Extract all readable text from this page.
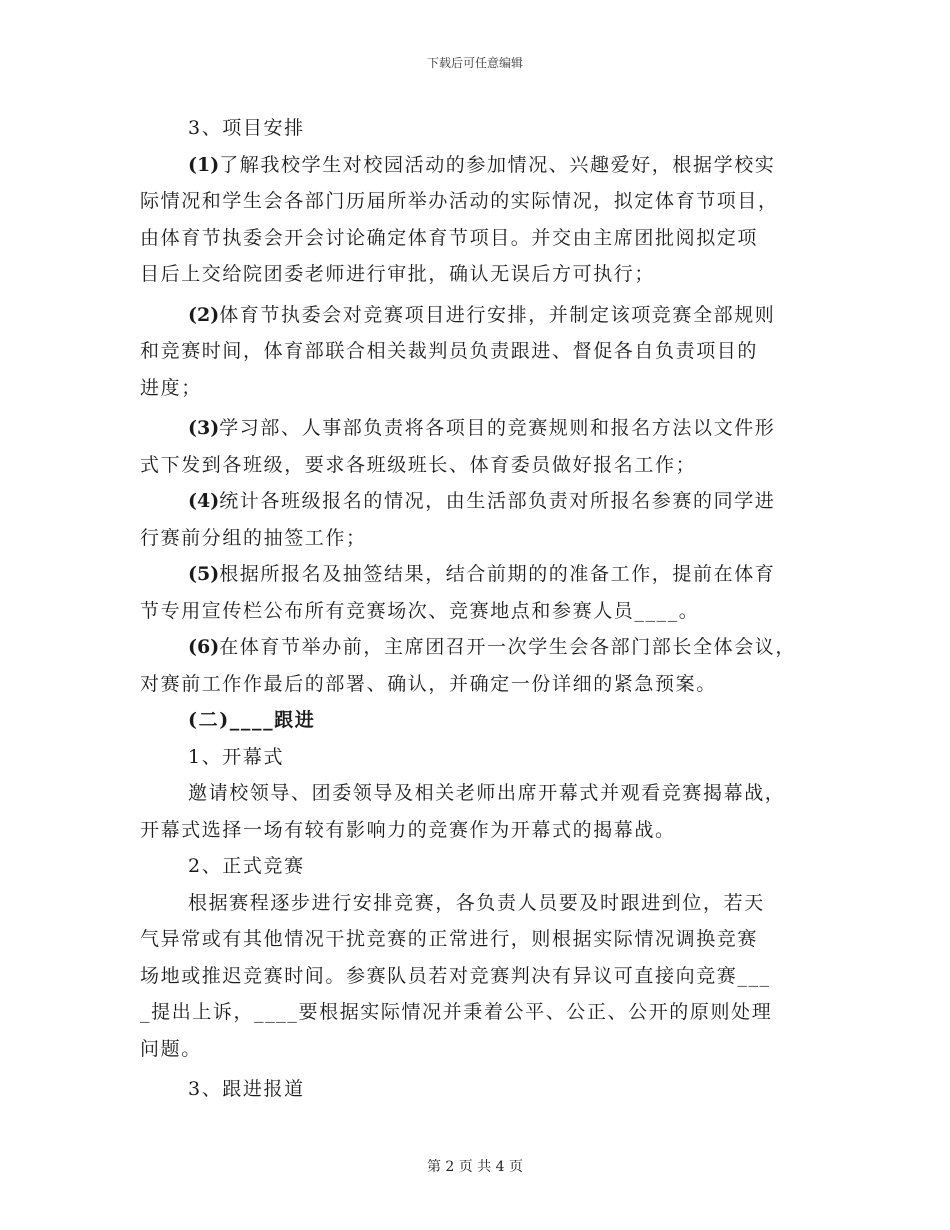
下载后可任意编辑
3、项目安排
(1)了解我校学生对校园活动的参加情况、兴趣爱好，根据学校实
际情况和学生会各部门历届所举办活动的实际情况，拟定体育节项目，
由体育节执委会开会讨论确定体育节项目。并交由主席团批阅拟定项
目后上交给院团委老师进行审批，确认无误后方可执行；
(2)体育节执委会对竞赛项目进行安排，并制定该项竞赛全部规则
和竞赛时间，体育部联合相关裁判员负责跟进、督促各自负责项目的
进度；
(3)学习部、人事部负责将各项目的竞赛规则和报名方法以文件形
式下发到各班级，要求各班级班长、体育委员做好报名工作；
(4)统计各班级报名的情况，由生活部负责对所报名参赛的同学进
行赛前分组的抽签工作；
(5)根据所报名及抽签结果，结合前期的的准备工作，提前在体育
节专用宣传栏公布所有竞赛场次、竞赛地点和参赛人员____。
(6)在体育节举办前，主席团召开一次学生会各部门部长全体会议，
对赛前工作作最后的部署、确认，并确定一份详细的紧急预案。
(二)____跟进
1、开幕式
邀请校领导、团委领导及相关老师出席开幕式并观看竞赛揭幕战，
开幕式选择一场有较有影响力的竞赛作为开幕式的揭幕战。
2、正式竞赛
根据赛程逐步进行安排竞赛，各负责人员要及时跟进到位，若天
气异常或有其他情况干扰竞赛的正常进行，则根据实际情况调换竞赛
场地或推迟竞赛时间。参赛队员若对竞赛判决有异议可直接向竞赛___
_提出上诉，____要根据实际情况并秉着公平、公正、公开的原则处理
问题。
3、跟进报道
第 2 页 共 4 页
